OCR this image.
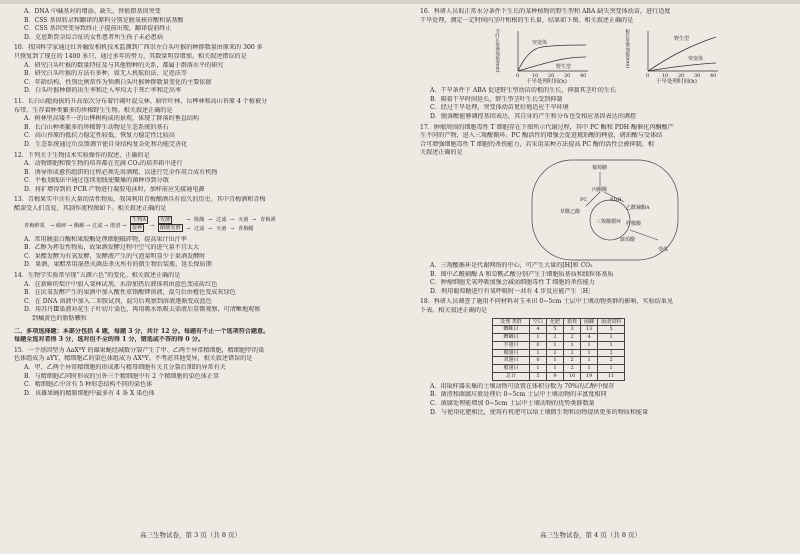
A．DNA 中碱基对的增添、缺失、替换即基因突变
B．CSS 基因转录和翻译的原料分别是脱氧核苷酸和氨基酸
C．CSS 基因突变导致终止子提前出现，翻译提前终止
D．克恩斯贾奈综合征的女性患者所生孩子未必患病
10．我国科学家通过红外触发相机技术监测到广西崇左白头叶猴的种群数量由原来的 300 多
只恢复到了现在的 1400 多只，通过多年的努力，其数量明显增加。相关叙述错误的是
A．研究白头叶猴的数量特征及与其他物种的关系，都属于群落水平的研究
B．研究白头叶猴的方法有多种，如无人机航拍法、足迹法等
C．年龄结构、性别比例常作为预测白头叶猴种群数量变化的主要依据
D．白头叶猴种群的出生率和迁入率均大于死亡率和迁出率
11．长白山随海拔的升高依次分布着针阔叶混交林、暗针叶林、岳桦林和高山苔原 4 个植被分
布带，生存着种类繁多的珍稀野生生物。相关叙述正确的是
A．树林里高矮不一的岳桦树构成的景观，体现了群落的垂直结构
B．长白山种类繁多的珍稀野生动物是生态系统的基石
C．高山苔原的抵抗力稳定性较低，恢复力稳定性比较高
D．生态系统通过负反馈调节使自身结构复杂化和功能完善化
12．下列关于生物技术实验操作的叙述，正确的是
A．动物细胞和微生物的培养都在充满 CO₂的培养箱中进行
B．诱导形成愈伤组织的过程必须先用酒精，以进行完全作用合成有机物
C．平板划线法中通过连续划线使聚集的菌种得到分散
D．将扩增得到的 PCR 产物进行凝胶电泳时，加样前应先接通电源
13．青梅果实中含有大量的活性物质，我国利用青梅酿酒具有很久的历史。其中青梅酒和青梅
醋深受人们喜爱，其制作流程图如下。相关叙述正确的是
青梅鲜果 → 破碎 → 酶解 → 过滤 → 澄清 →
生物A
接种	→
发酵
醋酸发酵
→ 陈酿 → 过滤 → 灭菌 → 青梅酒
→ 过滤 → 灭菌 → 青梅醋
A．常用胰蛋白酶和果胶酶处理细胞破碎物，提高果汁出汁率
B．乙醇为挥发性物质，故果酒发酵过程中空气的进气量不宜太大
C．果醋发酵为有氧发酵，发酵液产生的气泡量明显少于果酒发酵时
D．果酒、果醋常用湿热灭菌法杀灭所有的微生物后装瓶，延长保质期
14．生物学实验常呈现“五颜六色”的变化。相关叙述正确的是
A．在新鲜的梨汁中加入斐林试剂，水浴加热后液体将由蓝色变成砖红色
B．在厌氧发酵产生的果酒中加入酸性重铬酸钾溶液，混匀后由橙色变成灰绿色
C．在 DNA 溶液中加入二苯胺试剂，混匀后观察到溶液逐渐变成蓝色
D．用苏丹Ⅲ染液对花生子叶切片染色，再用吸水纸吸去染液后显微观察，可清晰地观察
到橘黄色的脂肪颗粒
二、多项选择题：本部分包括 4 题，每题 3 分，共计 12 分。每题有不止一个选项符合题意。
每题全选对者得 3 分，选对但不全的得 1 分，错选或不答的得 0 分。
15．一个基因型为 AaXᴮY 的雄果蝇经减数分裂产生了甲、乙两个异常精细胞，精细胞甲的染
色体组成为 aYY，精细胞乙的染色体组成为 AXᴮY。不考虑其他变异，相关叙述错误的是
A．甲、乙两个异常精细胞的形成都与精母细胞有关且分裂后期Ⅰ的异常有关
B．与精细胞乙同时形成的另外三个精细胞中有 2 个精细胞的染色体正常
C．精细胞乙中含有 5 种形态结构不同的染色体
D．该雄果蝇的精原细胞中最多有 4 条 X 染色体
16．科研人员取正常水分条件下生长的某种植物的野生型和 ABA 缺失突变体幼苗，进行适度
干旱处理，测定一定时间内茎叶和根的生长量，结果如下图。相关叙述正确的是
茎叶长度增加值(mm)	突变体
野生型
0	10 20 30 40
干旱处理时间(h)
根长度增加值(mm)	野生型
突变体
0	10 20 30 40
干旱处理时间(h)
A．干旱条件下 ABA 促进野生型幼苗的根的生长，抑制其茎叶的生长
B．隔着干旱时间延长，野生型茎叶生长受到抑制
C．经过干旱处理，突变体幼苗更好地适应干旱环境
D．脱落酸能够调控基因表达，其自身的产生和分布也受相应基因表达的调控
17．肿瘤周围的细胞毒性 T 细胞存在下图所示代谢过程，其中 PC 酶和 PDH 酶催化丙酮酸产
生不同的产物，进入三羧酸循环。PC 酶活性的增强会促进琥珀酸的释放，琥珀酸与受体结
合可增强细胞毒性 T 细胞的杀伤能力，若采用某种方法提高 PC 酶的活性会被抑制，相
关叙述正确的是
葡萄糖
丙酮酸
PC	PDH
草酰乙酸
乙酰辅酶A
三羧酸循环 柠檬酸
琥珀酸
受体
A．三羧酸循环是代谢网络的中心，可产生大量的[H]和 CO₂
B．图中乙酰辅酶 A 和草酰乙酸分别产生于细胞质基质和线粒体基质
C．肿瘤细胞无氧呼吸加强会减弱细胞毒性 T 细胞的杀伤能力
D．利用葡萄糖进行有氧呼吸时一共有 4 步反应能产生［H］
18．科研人员调查了施用不同材料对玉米田 0~5cm 土层中土壤动物类群的影响，实验结果见
下表。相关叙述正确的是
处理 类群	空白	化肥	猪粪	菌糠	菌渣饲料
蜘蛛目	4	5	3	13	5
蜱螨目	1	2	2	4	1
半翅目	0	1	1	1	1
鞘翅目	1	2	2	1	2
双翅目	0	1	2	1	2
膜翅目	1	1	2	1	1
总计	5	9	10	19	11
A．用取样器采集的土壤动物可放置在体积分数为 70%的乙醇中保存
B．菌渣和菌腐垃圾处理后 0~5cm 土层中土壤动物的丰富度相同
C．菌腐处理能增加 0~5cm 土层中土壤动物的优势类群数量
D．与使用化肥相比，使用有机肥可以给土壤微生物和动物提供更多的物质和能量
高三生物试卷，第 3 页（共 8 页）	高三生物试卷，第 4 页（共 8 页）
